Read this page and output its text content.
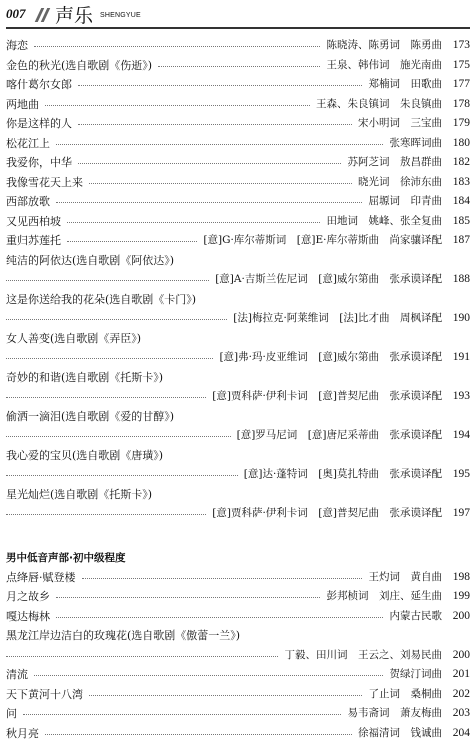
007 声乐 SHENGYUE
海恋	陈晓涛、陈勇词　陈勇曲 173
金色的秋光(选自歌剧《伤逝》)	王泉、韩伟词　施光南曲 175
喀什葛尔女郎	郑楠词　田歌曲 177
两地曲	王森、朱良镇词　朱良镇曲 178
你是这样的人	宋小明词　三宝曲 179
松花江上	张寒晖词曲 180
我爱你，中华	苏阿芝词　敖昌群曲 182
我像雪花天上来	晓光词　徐沛东曲 183
西部放歌	屈塬词　印青曲 184
又见西柏坡	田地词　姚峰、张全复曲 185
重归苏莲托	[意]G·库尔蒂斯词　[意]E·库尔蒂斯曲　尚家骧译配 187
纯洁的阿依达(选自歌剧《阿依达》)
[意]A·吉斯兰佐尼词　[意]威尔第曲　张承谟译配 188
这是你送给我的花朵(选自歌剧《卡门》)
[法]梅拉克·阿莱维词　[法]比才曲　周枫译配 190
女人善变(选自歌剧《弄臣》)
[意]弗·玛·皮亚维词　[意]威尔第曲　张承谟译配 191
奇妙的和谐(选自歌剧《托斯卡》)
[意]贾科萨·伊利卡词　[意]普契尼曲　张承谟译配 193
偷洒一滴泪(选自歌剧《爱的甘醇》)
[意]罗马尼词　[意]唐尼采蒂曲　张承谟译配 194
我心爱的宝贝(选自歌剧《唐璜》)
[意]达·蓬特词　[奥]莫扎特曲　张承谟译配 195
星光灿烂(选自歌剧《托斯卡》)
[意]贾科萨·伊利卡词　[意]普契尼曲　张承谟译配 197
男中低音声部·初中级程度
点绛唇·赋登楼	王灼词　黄自曲 198
月之故乡	彭邦桢词　刘庄、延生曲 199
嘎达梅林	内蒙古民歌 200
黑龙江岸边洁白的玫瑰花(选自歌剧《傲蕾一兰》)
丁毅、田川词　王云之、刘易民曲 200
清流	贺绿汀词曲 201
天下黄河十八湾	了止词　桑桐曲 202
问	易韦斋词　萧友梅曲 203
秋月亮	徐福清词　钱诚曲 204
